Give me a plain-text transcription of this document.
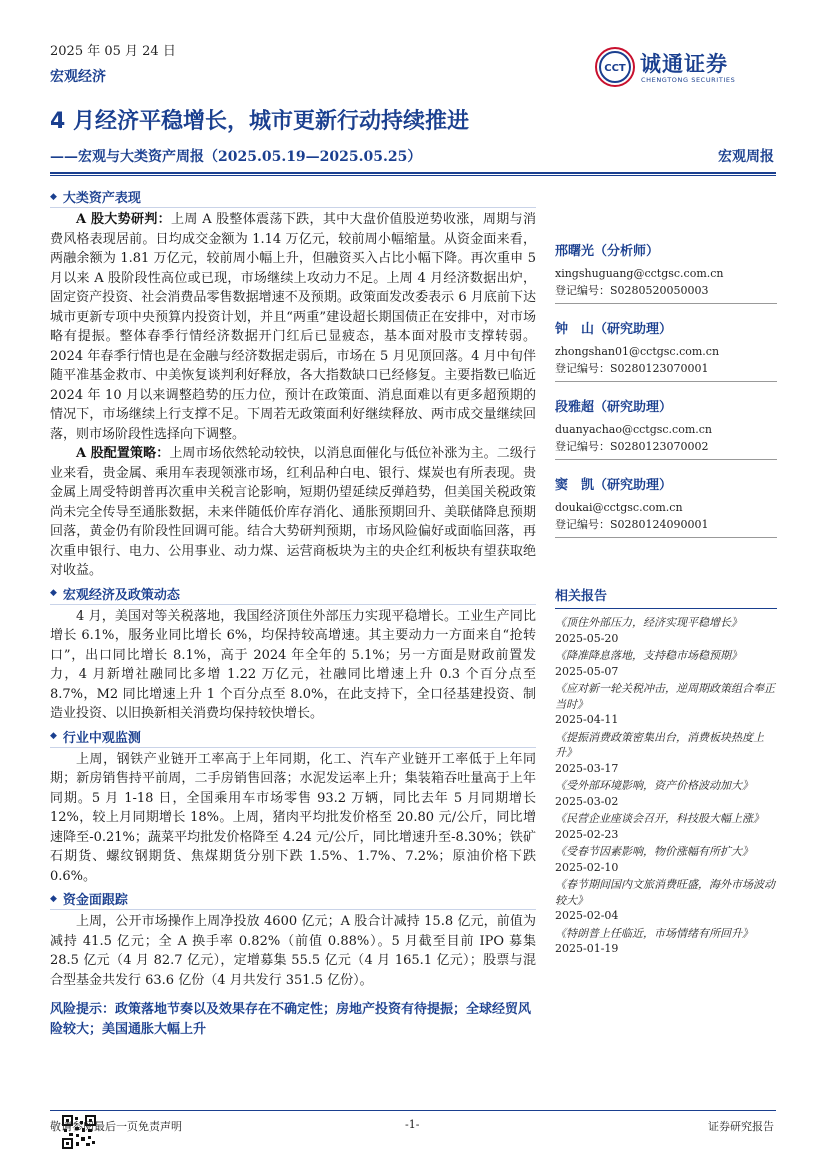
2025 年 05 月 24 日
宏观经济
CCT 诚通证券
CHENGTONG SECURITIES
4 月经济平稳增长，城市更新行动持续推进
——宏观与大类资产周报（2025.05.19—2025.05.25）	宏观周报
◆ 大类资产表现

A 股大势研判：上周 A 股整体震荡下跌，其中大盘价值股逆势收涨，周期与消费风格表现居前。日均成交金额为 1.14 万亿元，较前周小幅缩量。从资金面来看，两融余额为 1.81 万亿元，较前周小幅上升，但融资买入占比小幅下降。再次重申 5 月以来 A 股阶段性高位或已现，市场继续上攻动力不足。上周 4 月经济数据出炉，固定资产投资、社会消费品零售数据增速不及预期。政策面发改委表示 6 月底前下达城市更新专项中央预算内投资计划，并且“两重”建设超长期国债正在安排中，对市场略有提振。整体春季行情经济数据开门红后已显疲态，基本面对股市支撑转弱。2024 年春季行情也是在金融与经济数据走弱后，市场在 5 月见顶回落。4 月中旬伴随平准基金救市、中美恢复谈判利好释放，各大指数缺口已经修复。主要指数已临近 2024 年 10 月以来调整趋势的压力位，预计在政策面、消息面难以有更多超预期的情况下，市场继续上行支撑不足。下周若无政策面利好继续释放、两市成交量继续回落，则市场阶段性选择向下调整。

A 股配置策略：上周市场依然轮动较快，以消息面催化与低位补涨为主。二级行业来看，贵金属、乘用车表现领涨市场，红利品种白电、银行、煤炭也有所表现。贵金属上周受特朗普再次重申关税言论影响，短期仍望延续反弹趋势，但美国关税政策尚未完全传导至通胀数据，未来伴随低价库存消化、通胀预期回升、美联储降息预期回落，黄金仍有阶段性回调可能。结合大势研判预期，市场风险偏好或面临回落，再次重申银行、电力、公用事业、动力煤、运营商板块为主的央企红利板块有望获取绝对收益。

◆ 宏观经济及政策动态

4 月，美国对等关税落地，我国经济顶住外部压力实现平稳增长。工业生产同比增长 6.1%，服务业同比增长 6%，均保持较高增速。其主要动力一方面来自“抢转口”，出口同比增长 8.1%，高于 2024 年全年的 5.1%；另一方面是财政前置发力，4 月新增社融同比多增 1.22 万亿元，社融同比增速上升 0.3 个百分点至 8.7%，M2 同比增速上升 1 个百分点至 8.0%，在此支持下，全口径基建投资、制造业投资、以旧换新相关消费均保持较快增长。

◆ 行业中观监测

上周，钢铁产业链开工率高于上年同期，化工、汽车产业链开工率低于上年同期；新房销售持平前周，二手房销售回落；水泥发运率上升；集装箱吞吐量高于上年同期。5 月 1-18 日，全国乘用车市场零售 93.2 万辆，同比去年 5 月同期增长 12%，较上月同期增长 18%。上周，猪肉平均批发价格至 20.80 元/公斤，同比增速降至-0.21%；蔬菜平均批发价格降至 4.24 元/公斤，同比增速升至-8.30%；铁矿石期货、螺纹钢期货、焦煤期货分别下跌 1.5%、1.7%、7.2%；原油价格下跌 0.6%。

◆ 资金面跟踪

上周，公开市场操作上周净投放 4600 亿元；A 股合计减持 15.8 亿元，前值为减持 41.5 亿元；全 A 换手率 0.82%（前值 0.88%）。5 月截至目前 IPO 募集 28.5 亿元（4 月 82.7 亿元），定增募集 55.5 亿元（4 月 165.1 亿元）；股票与混合型基金共发行 63.6 亿份（4 月共发行 351.5 亿份）。

风险提示：政策落地节奏以及效果存在不确定性；房地产投资有待提振；全球经贸风险较大；美国通胀大幅上升
邢曙光（分析师）
xingshuguang@cctgsc.com.cn
登记编号：S0280520050003
钟　山（研究助理）
zhongshan01@cctgsc.com.cn
登记编号：S0280123070001
段雅超（研究助理）
duanyachao@cctgsc.com.cn
登记编号：S0280123070002
窦　凯（研究助理）
doukai@cctgsc.com.cn
登记编号：S0280124090001
相关报告
《顶住外部压力，经济实现平稳增长》
2025-05-20
《降准降息落地，支持稳市场稳预期》
2025-05-07
《应对新一轮关税冲击，逆周期政策组合奉正当时》
2025-04-11
《提振消费政策密集出台，消费板块热度上升》
2025-03-17
《受外部环境影响，资产价格波动加大》
2025-03-02
《民营企业座谈会召开，科技股大幅上涨》
2025-02-23
《受春节因素影响，物价涨幅有所扩大》
2025-02-10
《春节期间国内文旅消费旺盛，海外市场波动较大》
2025-02-04
《特朗普上任临近，市场情绪有所回升》
2025-01-19
敬请参阅最后一页免责声明	-1-	证券研究报告
